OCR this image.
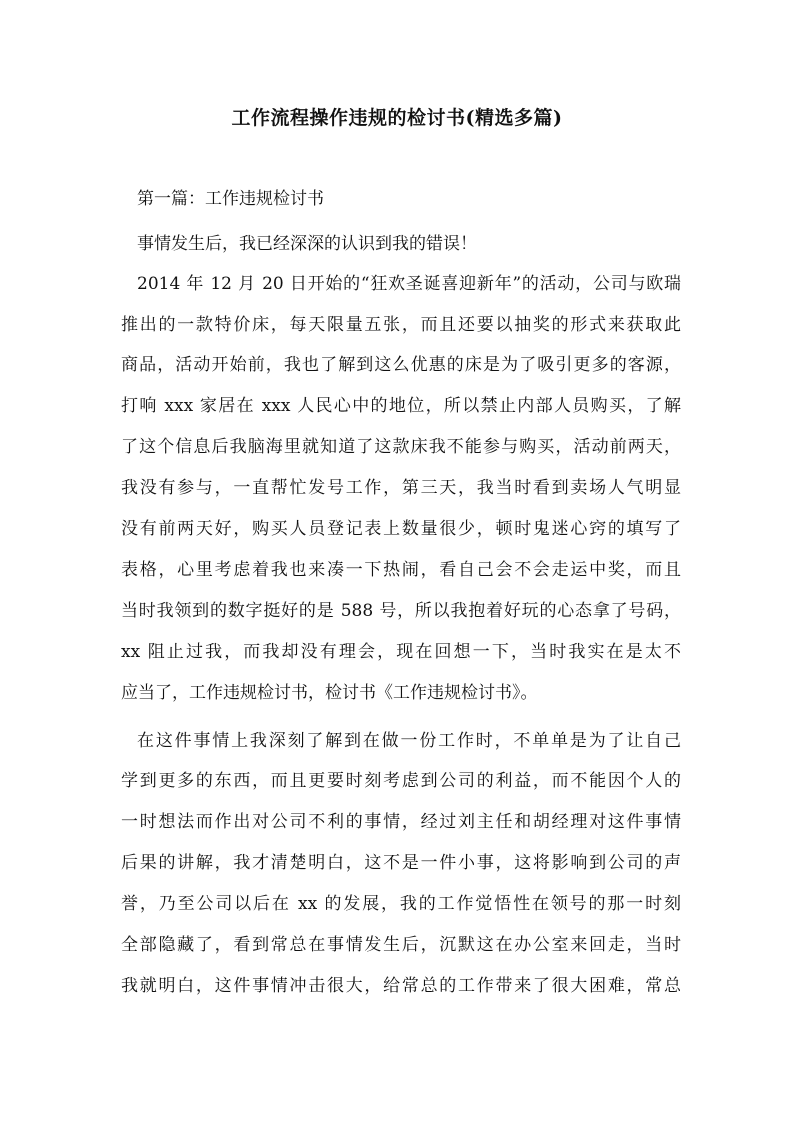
工作流程操作违规的检讨书(精选多篇)
第一篇：工作违规检讨书
事情发生后，我已经深深的认识到我的错误！
2014 年 12 月 20 日开始的“狂欢圣诞喜迎新年”的活动，公司与欧瑞
推出的一款特价床，每天限量五张，而且还要以抽奖的形式来获取此
商品，活动开始前，我也了解到这么优惠的床是为了吸引更多的客源，
打响 xxx 家居在 xxx 人民心中的地位，所以禁止内部人员购买，了解
了这个信息后我脑海里就知道了这款床我不能参与购买，活动前两天，
我没有参与，一直帮忙发号工作，第三天，我当时看到卖场人气明显
没有前两天好，购买人员登记表上数量很少，顿时鬼迷心窍的填写了
表格，心里考虑着我也来凑一下热闹，看自己会不会走运中奖，而且
当时我领到的数字挺好的是 588 号，所以我抱着好玩的心态拿了号码，
xx 阻止过我，而我却没有理会，现在回想一下，当时我实在是太不
应当了，工作违规检讨书，检讨书《工作违规检讨书》。
在这件事情上我深刻了解到在做一份工作时，不单单是为了让自己
学到更多的东西，而且更要时刻考虑到公司的利益，而不能因个人的
一时想法而作出对公司不利的事情，经过刘主任和胡经理对这件事情
后果的讲解，我才清楚明白，这不是一件小事，这将影响到公司的声
誉，乃至公司以后在 xx 的发展，我的工作觉悟性在领号的那一时刻
全部隐藏了，看到常总在事情发生后，沉默这在办公室来回走，当时
我就明白，这件事情冲击很大，给常总的工作带来了很大困难，常总
